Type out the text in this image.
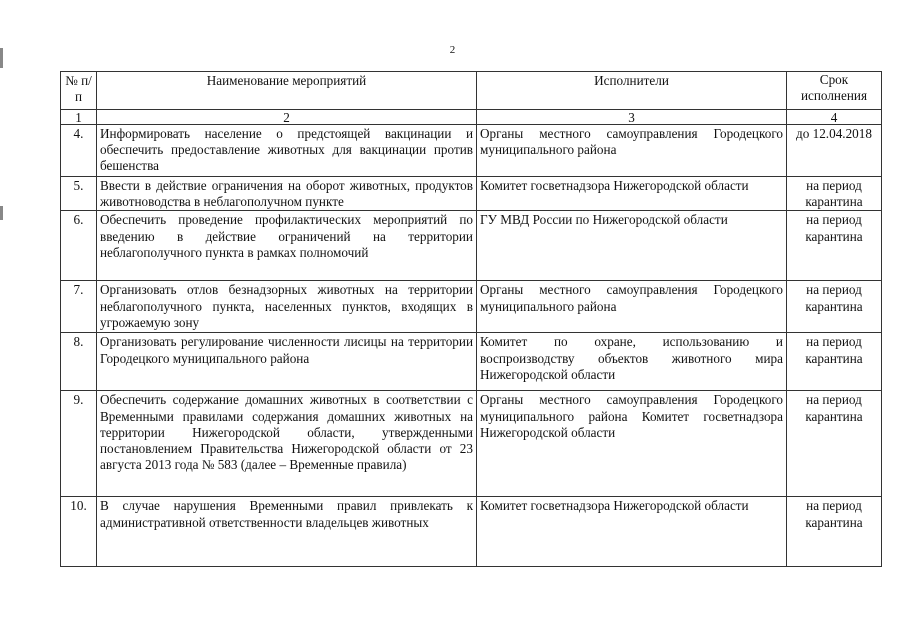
2
№ п/п	Наименование мероприятий	Исполнители	Срок исполнения
1	2	3	4
4.	Информировать население о предстоящей вакцинации и обеспечить предоставление животных для вакцинации против бешенства	Органы местного самоуправления Городецкого муниципального района	до 12.04.2018
5.	Ввести в действие ограничения на оборот животных, продуктов животноводства в неблагополучном пункте	Комитет госветнадзора Нижегородской области	на период карантина
6.	Обеспечить проведение профилактических мероприятий по введению в действие ограничений на территории неблагополучного пункта в рамках полномочий	ГУ МВД России по Нижегородской области	на период карантина
7.	Организовать отлов безнадзорных животных на территории неблагополучного пункта, населенных пунктов, входящих в угрожаемую зону	Органы местного самоуправления Городецкого муниципального района	на период карантина
8.	Организовать регулирование численности лисицы на территории Городецкого муниципального района	Комитет по охране, использованию и воспроизводству объектов животного мира Нижегородской области	на период карантина
9.	Обеспечить содержание домашних животных в соответствии с Временными правилами содержания домашних животных на территории Нижегородской области, утвержденными постановлением Правительства Нижегородской области от 23 августа 2013 года № 583 (далее – Временные правила)	Органы местного самоуправления Городецкого муниципального района Комитет госветнадзора Нижегородской области	на период карантина
10.	В случае нарушения Временными правил привлекать к административной ответственности владельцев животных	Комитет госветнадзора Нижегородской области	на период карантина
